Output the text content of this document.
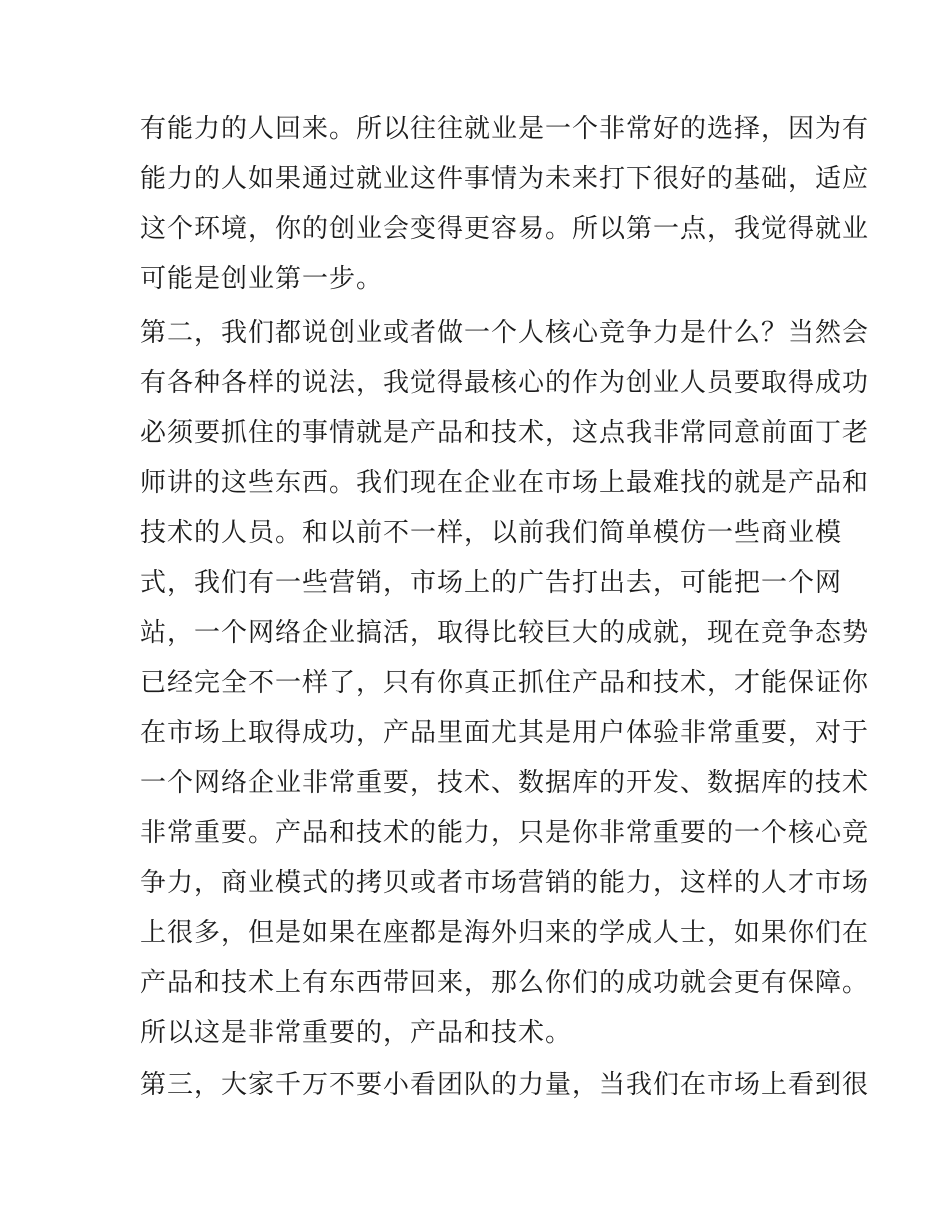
有能力的人回来。所以往往就业是一个非常好的选择，因为有
能力的人如果通过就业这件事情为未来打下很好的基础，适应
这个环境，你的创业会变得更容易。所以第一点，我觉得就业
可能是创业第一步。
第二，我们都说创业或者做一个人核心竞争力是什么？当然会
有各种各样的说法，我觉得最核心的作为创业人员要取得成功
必须要抓住的事情就是产品和技术，这点我非常同意前面丁老
师讲的这些东西。我们现在企业在市场上最难找的就是产品和
技术的人员。和以前不一样，以前我们简单模仿一些商业模
式，我们有一些营销，市场上的广告打出去，可能把一个网
站，一个网络企业搞活，取得比较巨大的成就，现在竞争态势
已经完全不一样了，只有你真正抓住产品和技术，才能保证你
在市场上取得成功，产品里面尤其是用户体验非常重要，对于
一个网络企业非常重要，技术、数据库的开发、数据库的技术
非常重要。产品和技术的能力，只是你非常重要的一个核心竞
争力，商业模式的拷贝或者市场营销的能力，这样的人才市场
上很多，但是如果在座都是海外归来的学成人士，如果你们在
产品和技术上有东西带回来，那么你们的成功就会更有保障。
所以这是非常重要的，产品和技术。
第三，大家千万不要小看团队的力量，当我们在市场上看到很
